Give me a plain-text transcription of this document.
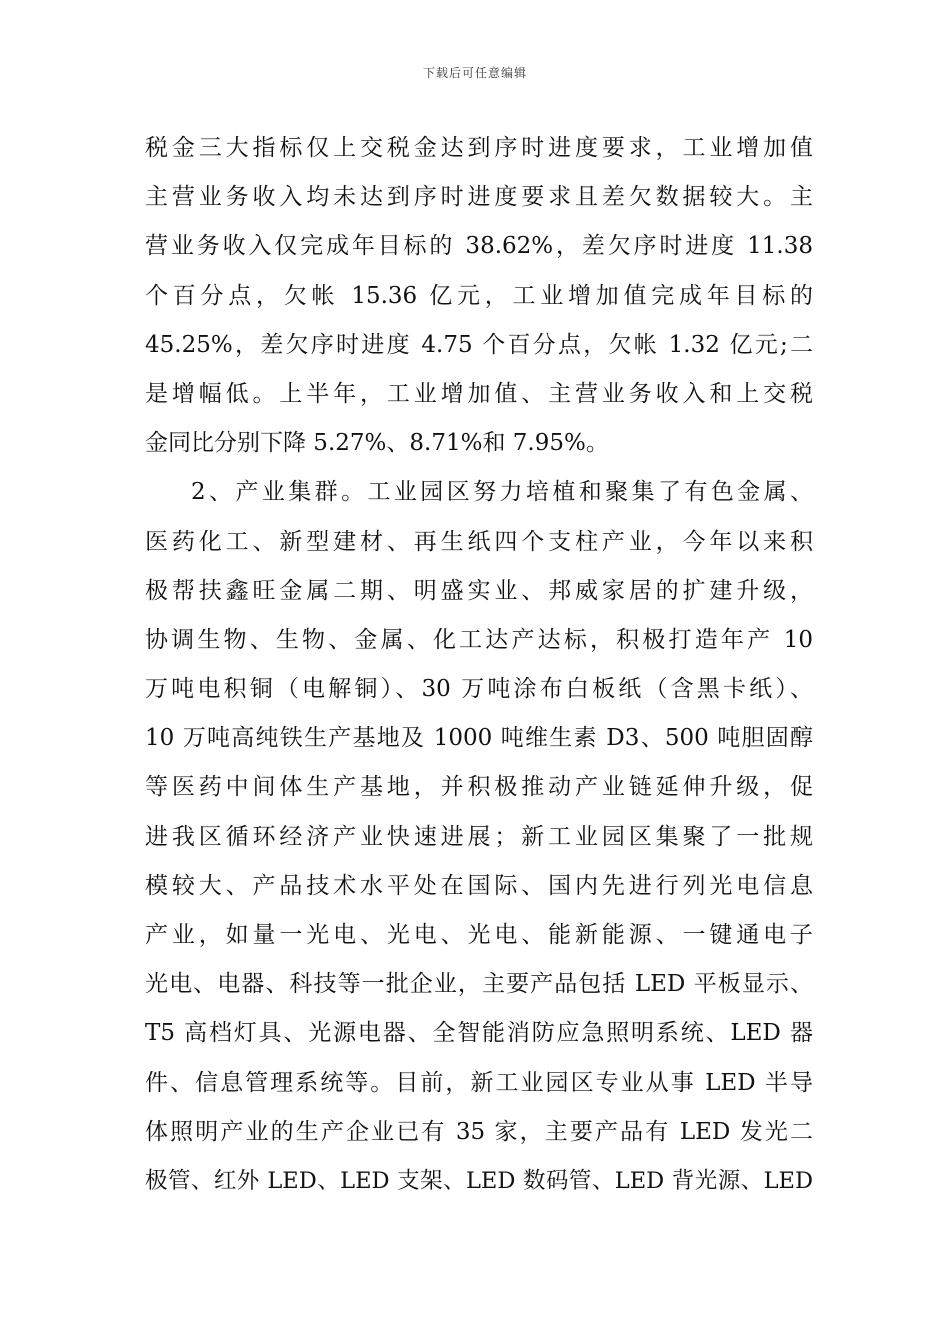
下载后可任意编辑
税金三大指标仅上交税金达到序时进度要求，工业增加值
主营业务收入均未达到序时进度要求且差欠数据较大。主
营业务收入仅完成年目标的 38.62%，差欠序时进度 11.38
个百分点，欠帐 15.36 亿元，工业增加值完成年目标的
45.25%，差欠序时进度 4.75 个百分点，欠帐 1.32 亿元;二
是增幅低。上半年，工业增加值、主营业务收入和上交税
金同比分别下降 5.27%、8.71%和 7.95%。
2、产业集群。工业园区努力培植和聚集了有色金属、
医药化工、新型建材、再生纸四个支柱产业，今年以来积
极帮扶鑫旺金属二期、明盛实业、邦威家居的扩建升级，
协调生物、生物、金属、化工达产达标，积极打造年产 10
万吨电积铜（电解铜）、30 万吨涂布白板纸（含黑卡纸）、
10 万吨高纯铁生产基地及 1000 吨维生素 D3、500 吨胆固醇
等医药中间体生产基地，并积极推动产业链延伸升级，促
进我区循环经济产业快速进展；新工业园区集聚了一批规
模较大、产品技术水平处在国际、国内先进行列光电信息
产业，如量一光电、光电、光电、能新能源、一键通电子
光电、电器、科技等一批企业，主要产品包括 LED 平板显示、
T5 高档灯具、光源电器、全智能消防应急照明系统、LED 器
件、信息管理系统等。目前，新工业园区专业从事 LED 半导
体照明产业的生产企业已有 35 家，主要产品有 LED 发光二
极管、红外 LED、LED 支架、LED 数码管、LED 背光源、LED
